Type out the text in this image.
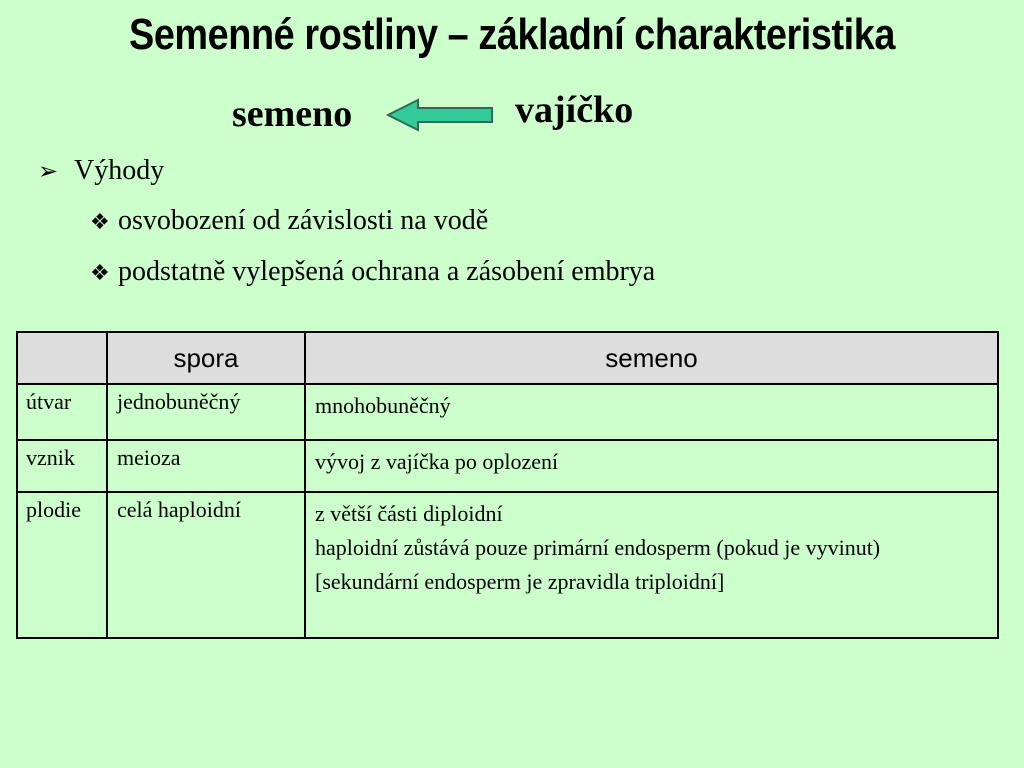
Semenné rostliny – základní charakteristika
semeno	vajíčko
➢ Výhody
❖ osvobození od závislosti na vodě
❖ podstatně vylepšená ochrana a zásobení embrya
	spora	semeno
útvar	jednobuněčný	mnohobuněčný

vznik	meioza	vývoj z vajíčka po oplození

plodie	celá haploidní	z větší části diploidní
haploidní zůstává pouze primární endosperm (pokud je vyvinut)
[sekundární endosperm je zpravidla triploidní]
